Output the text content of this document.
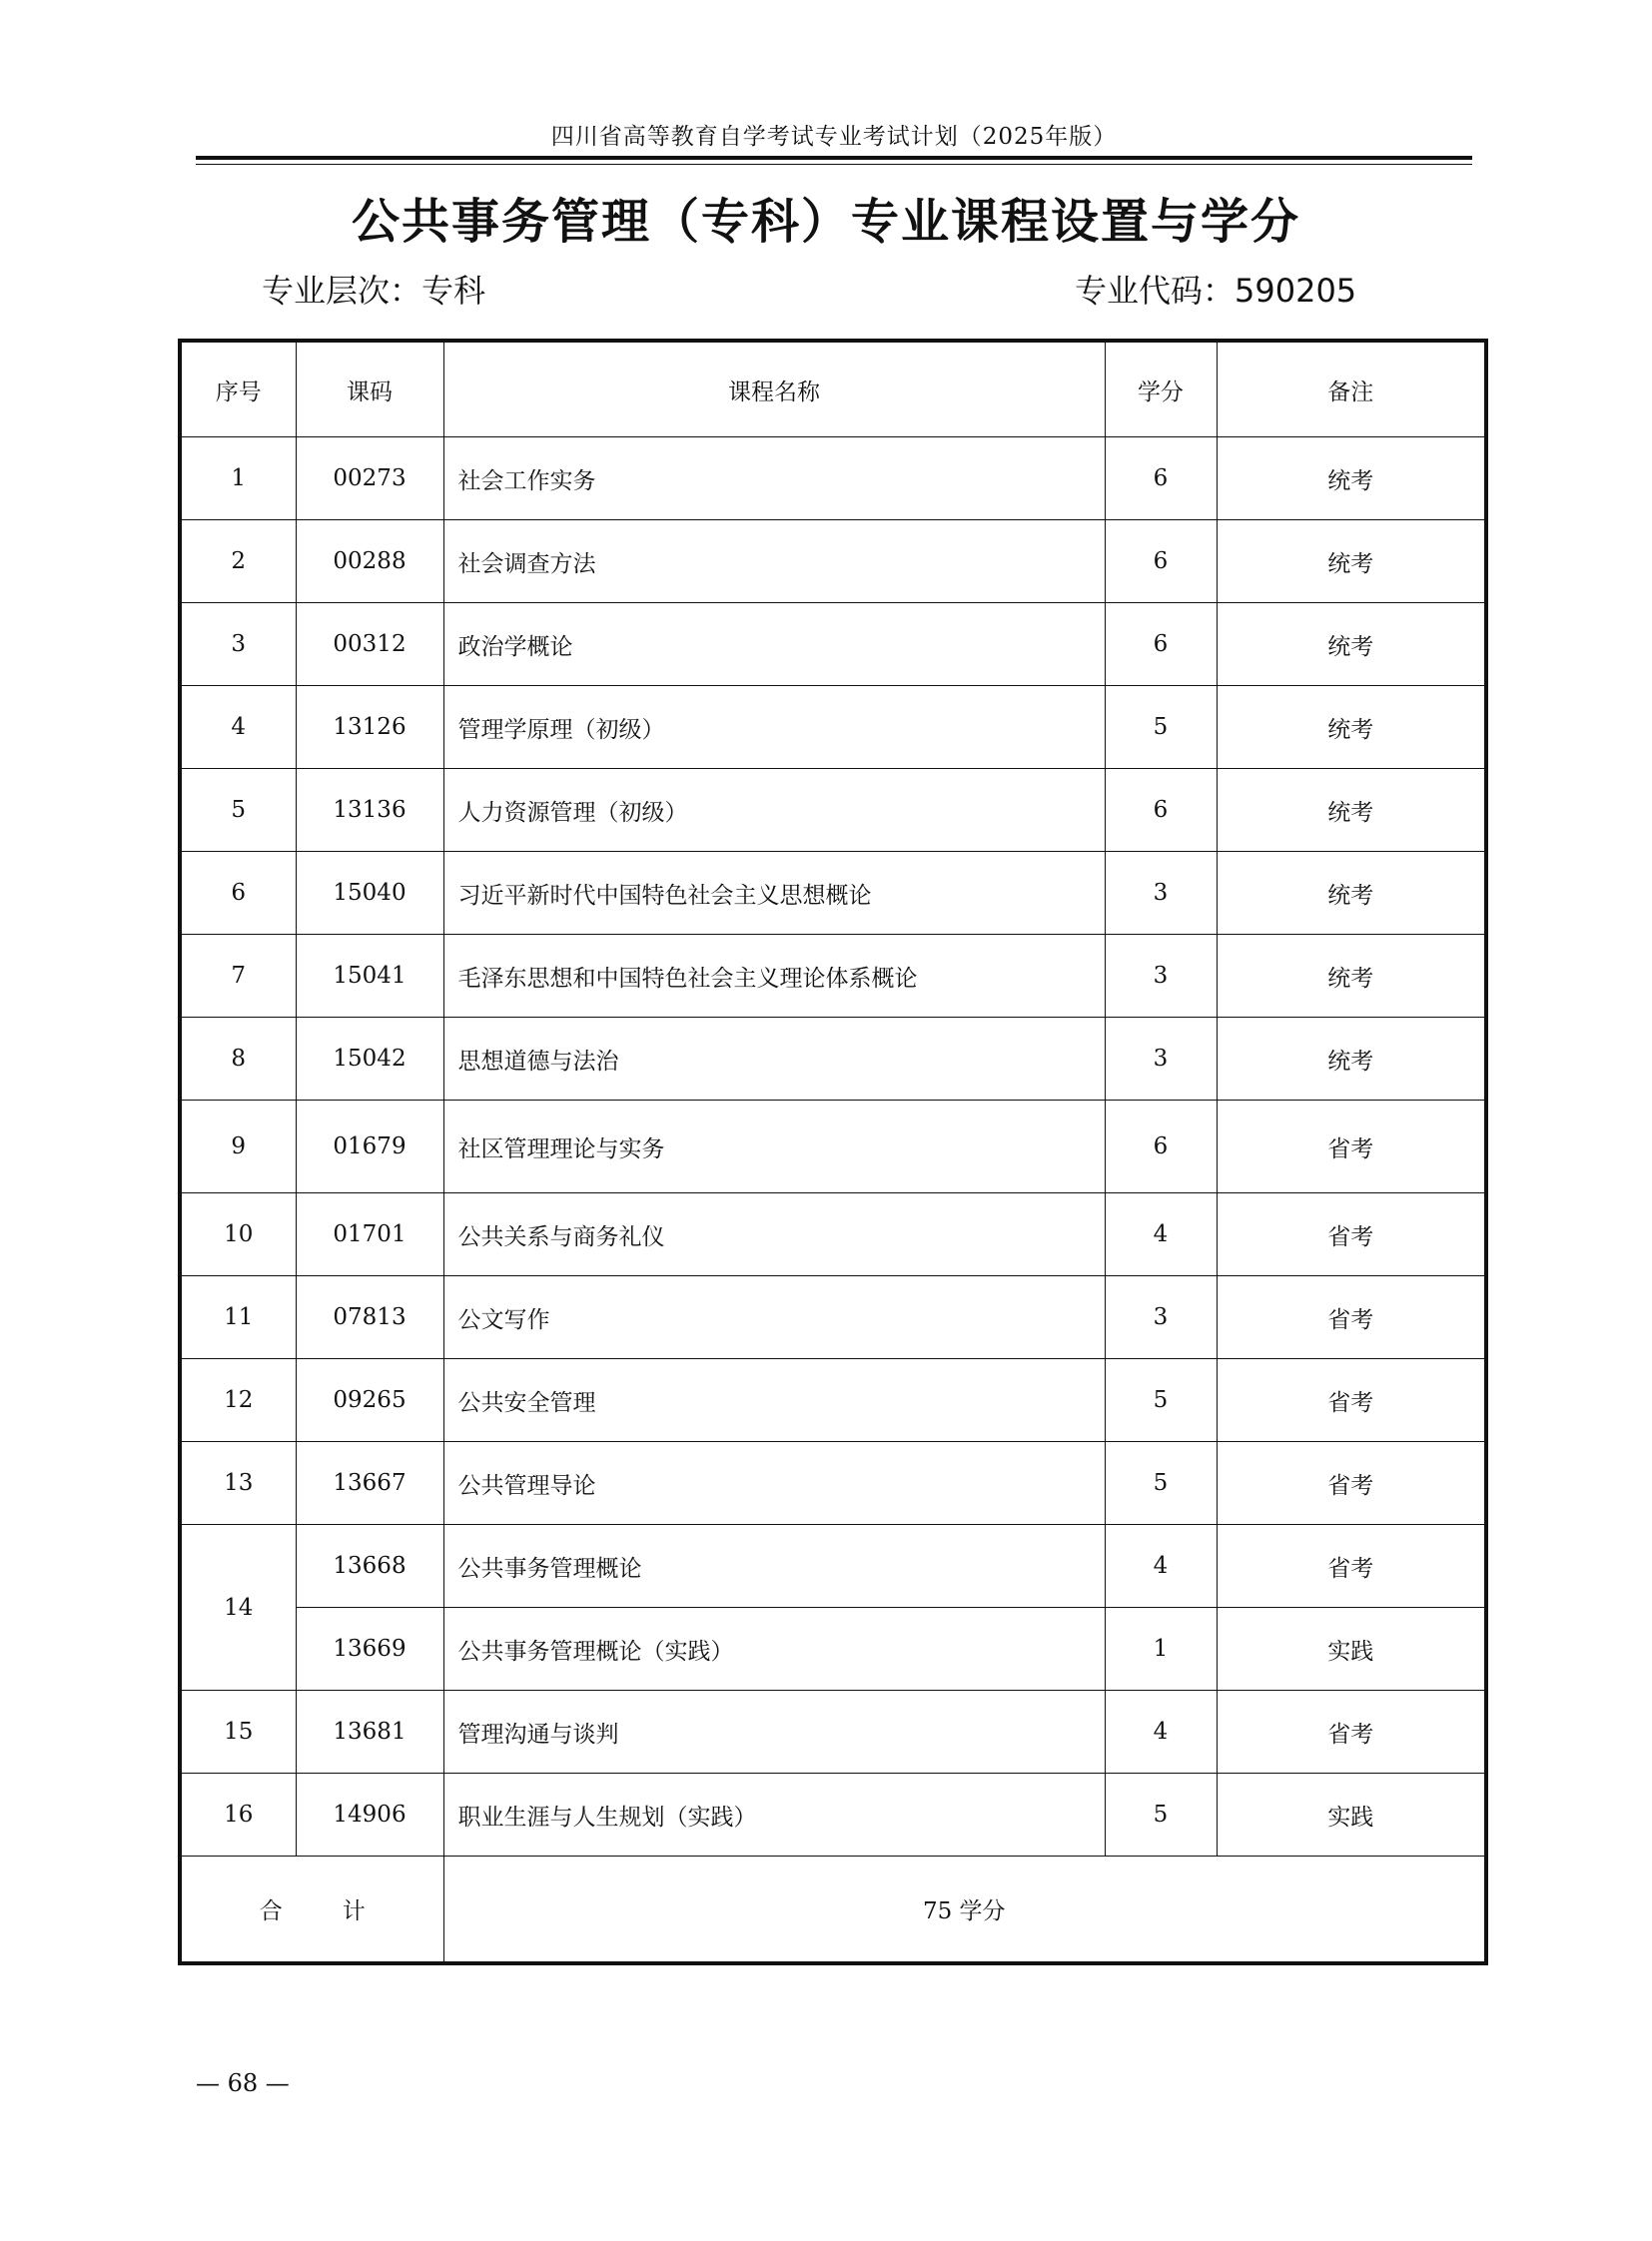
四川省高等教育自学考试专业考试计划（2025年版）
公共事务管理（专科）专业课程设置与学分
专业层次：专科	专业代码：590205
序号	课码	课程名称	学分	备注
1	00273	社会工作实务	6	统考
2	00288	社会调查方法	6	统考
3	00312	政治学概论	6	统考
4	13126	管理学原理（初级）	5	统考
5	13136	人力资源管理（初级）	6	统考
6	15040	习近平新时代中国特色社会主义思想概论	3	统考
7	15041	毛泽东思想和中国特色社会主义理论体系概论	3	统考
8	15042	思想道德与法治	3	统考
9	01679	社区管理理论与实务	6	省考
10	01701	公共关系与商务礼仪	4	省考
11	07813	公文写作	3	省考
12	09265	公共安全管理	5	省考
13	13667	公共管理导论	5	省考
14	13668	公共事务管理概论	4	省考
	13669	公共事务管理概论（实践）	1	实践
15	13681	管理沟通与谈判	4	省考
16	14906	职业生涯与人生规划（实践）	5	实践
合计		75 学分		
— 68 —
